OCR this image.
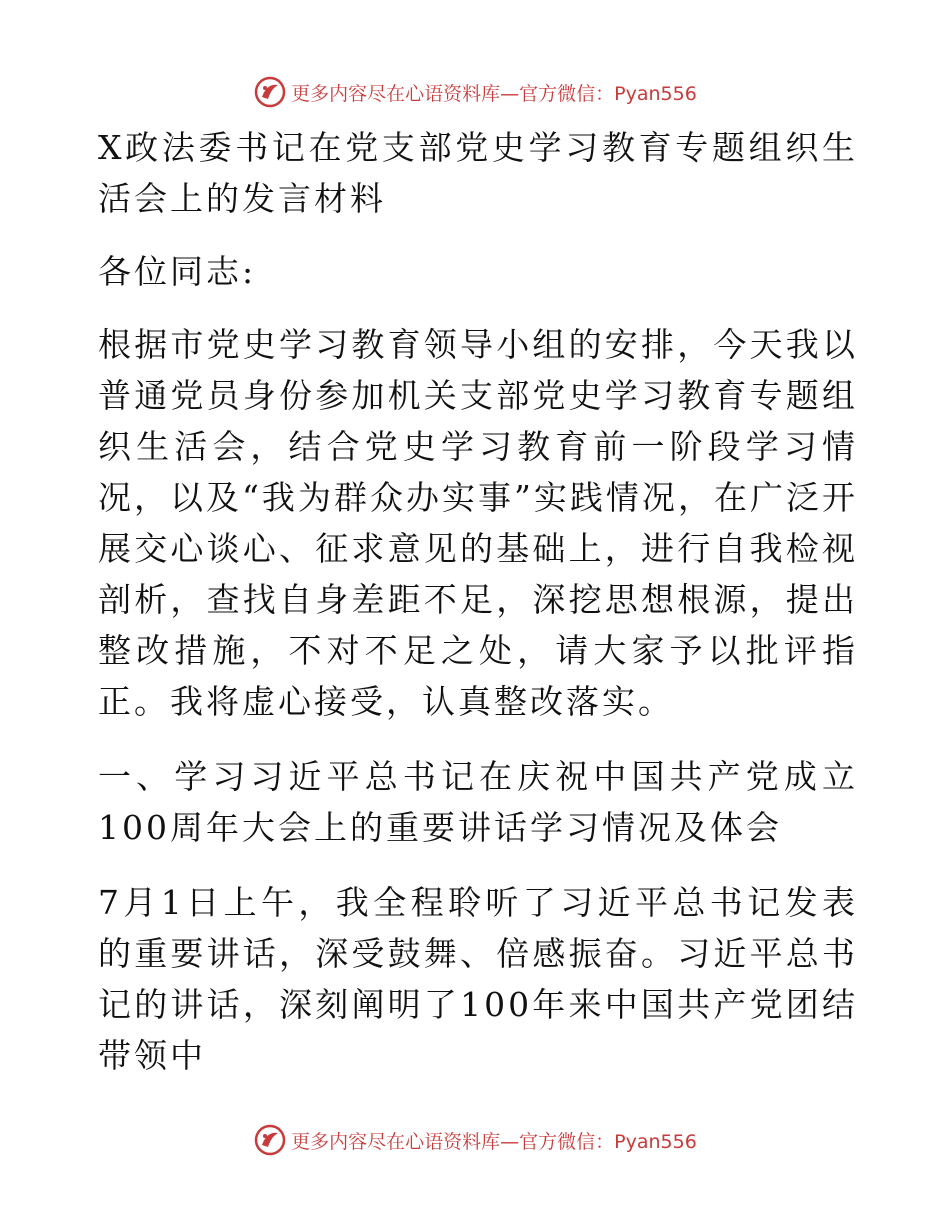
更多内容尽在心语资料库—官方微信：Pyan556

X政法委书记在党支部党史学习教育专题组织生活会上的发言材料

各位同志:

根据市党史学习教育领导小组的安排，今天我以普通党员身份参加机关支部党史学习教育专题组织生活会，结合党史学习教育前一阶段学习情况，以及“我为群众办实事”实践情况，在广泛开展交心谈心、征求意见的基础上，进行自我检视剖析，查找自身差距不足，深挖思想根源，提出整改措施，不对不足之处，请大家予以批评指正。我将虚心接受，认真整改落实。

一、学习习近平总书记在庆祝中国共产党成立100周年大会上的重要讲话学习情况及体会

7月1日上午，我全程聆听了习近平总书记发表的重要讲话，深受鼓舞、倍感振奋。习近平总书记的讲话，深刻阐明了100年来中国共产党团结带领中

更多内容尽在心语资料库—官方微信：Pyan556
